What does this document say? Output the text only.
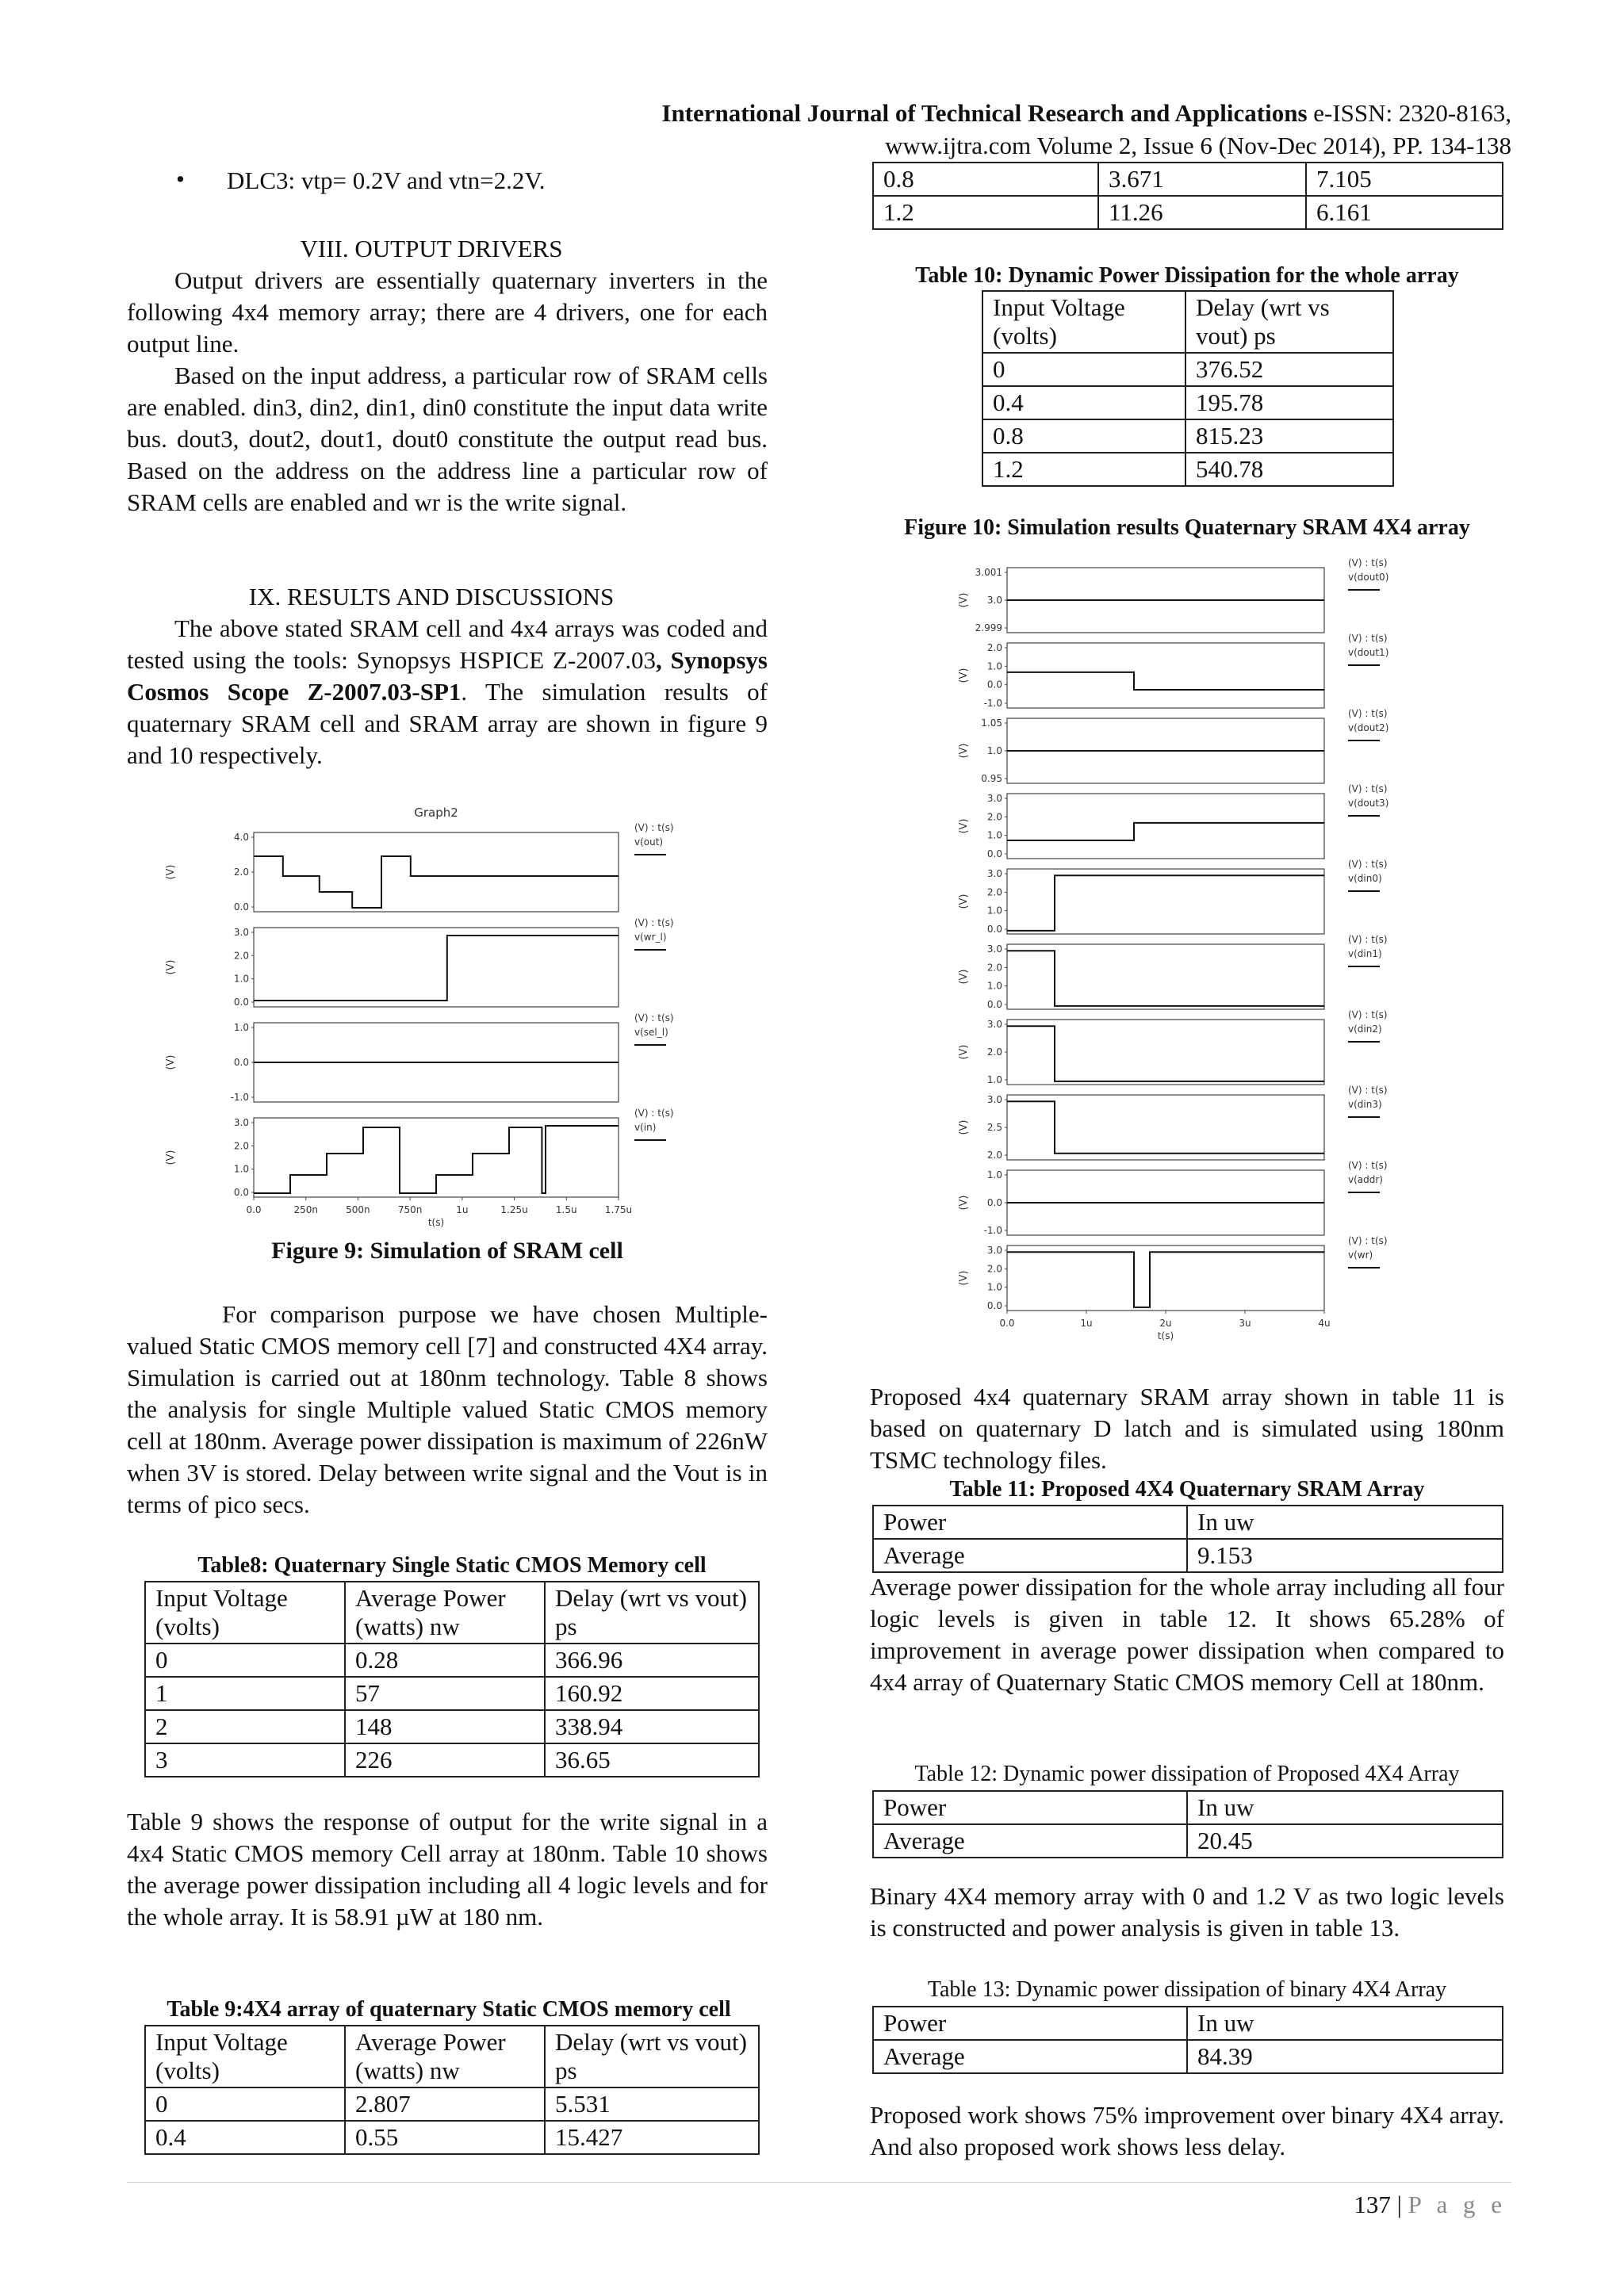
International Journal of Technical Research and Applications e-ISSN: 2320-8163,
www.ijtra.com Volume 2, Issue 6 (Nov-Dec 2014), PP. 134-138
• DLC3: vtp= 0.2V and vtn=2.2V.

VIII. OUTPUT DRIVERS

Output drivers are essentially quaternary inverters in the following 4x4 memory array; there are 4 drivers, one for each output line.

Based on the input address, a particular row of SRAM cells are enabled. din3, din2, din1, din0 constitute the input data write bus. dout3, dout2, dout1, dout0 constitute the output read bus. Based on the address on the address line a particular row of SRAM cells are enabled and wr is the write signal.

IX. RESULTS AND DISCUSSIONS

The above stated SRAM cell and 4x4 arrays was coded and tested using the tools: Synopsys HSPICE Z-2007.03, Synopsys Cosmos Scope Z-2007.03-SP1. The simulation results of quaternary SRAM cell and SRAM array are shown in figure 9 and 10 respectively.

Graph2
(V)
4.0
2.0
0.0
(V) : t(s)
v(out)
(V)
3.0
2.0
1.0
0.0
(V) : t(s)
v(wr_l)
(V)
1.0
0.0
-1.0
(V) : t(s)
v(sel_l)
(V)
3.0
2.0
1.0
0.0
(V) : t(s)
v(in)
0.0	250n	500n	750n	1u	1.25u	1.5u	1.75u
t(s)

Figure 9: Simulation of SRAM cell

For comparison purpose we have chosen Multiple-valued Static CMOS memory cell [7] and constructed 4X4 array. Simulation is carried out at 180nm technology. Table 8 shows the analysis for single Multiple valued Static CMOS memory cell at 180nm. Average power dissipation is maximum of 226nW when 3V is stored. Delay between write signal and the Vout is in terms of pico secs.

Table8: Quaternary Single Static CMOS Memory cell

Input Voltage (volts)	Average Power (watts) nw	Delay (wrt vs vout) ps
0	0.28	366.96
1	57	160.92
2	148	338.94
3	226	36.65

Table 9 shows the response of output for the write signal in a 4x4 Static CMOS memory Cell array at 180nm. Table 10 shows the average power dissipation including all 4 logic levels and for the whole array. It is 58.91 µW at 180 nm.

Table 9:4X4 array of quaternary Static CMOS memory cell

Input Voltage (volts)	Average Power (watts) nw	Delay (wrt vs vout) ps
0	2.807	5.531
0.4	0.55	15.427
0.8	3.671	7.105
1.2	11.26	6.161

Table 10: Dynamic Power Dissipation for the whole array

Input Voltage (volts)	Delay (wrt vs vout) ps
0	376.52
0.4	195.78
0.8	815.23
1.2	540.78

Figure 10: Simulation results Quaternary SRAM 4X4 array

(V)
3.001
3.0
2.999
(V) : t(s)
v(dout0)
(V)
2.0
1.0
0.0
-1.0
(V) : t(s)
v(dout1)
(V)
1.05
1.0
0.95
(V) : t(s)
v(dout2)
(V)
3.0
2.0
1.0
0.0
(V) : t(s)
v(dout3)
(V)
3.0
2.0
1.0
0.0
(V) : t(s)
v(din0)
(V)
3.0
2.0
1.0
0.0
(V) : t(s)
v(din1)
(V)
3.0
2.0
1.0
(V) : t(s)
v(din2)
(V)
3.0
2.5
2.0
(V) : t(s)
v(din3)
(V)
1.0
0.0
-1.0
(V) : t(s)
v(addr)
(V)
3.0
2.0
1.0
0.0
(V) : t(s)
v(wr)
0.0	1u	2u	3u	4u
t(s)

Proposed 4x4 quaternary SRAM array shown in table 11 is based on quaternary D latch and is simulated using 180nm TSMC technology files.

Table 11: Proposed 4X4 Quaternary SRAM Array

Power	In uw
Average	9.153

Average power dissipation for the whole array including all four logic levels is given in table 12. It shows 65.28% of improvement in average power dissipation when compared to 4x4 array of Quaternary Static CMOS memory Cell at 180nm.

Table 12: Dynamic power dissipation of Proposed 4X4 Array

Power	In uw
Average	20.45

Binary 4X4 memory array with 0 and 1.2 V as two logic levels is constructed and power analysis is given in table 13.

Table 13: Dynamic power dissipation of binary 4X4 Array

Power	In uw
Average	84.39

Proposed work shows 75% improvement over binary 4X4 array. And also proposed work shows less delay.

137 | P a g e
